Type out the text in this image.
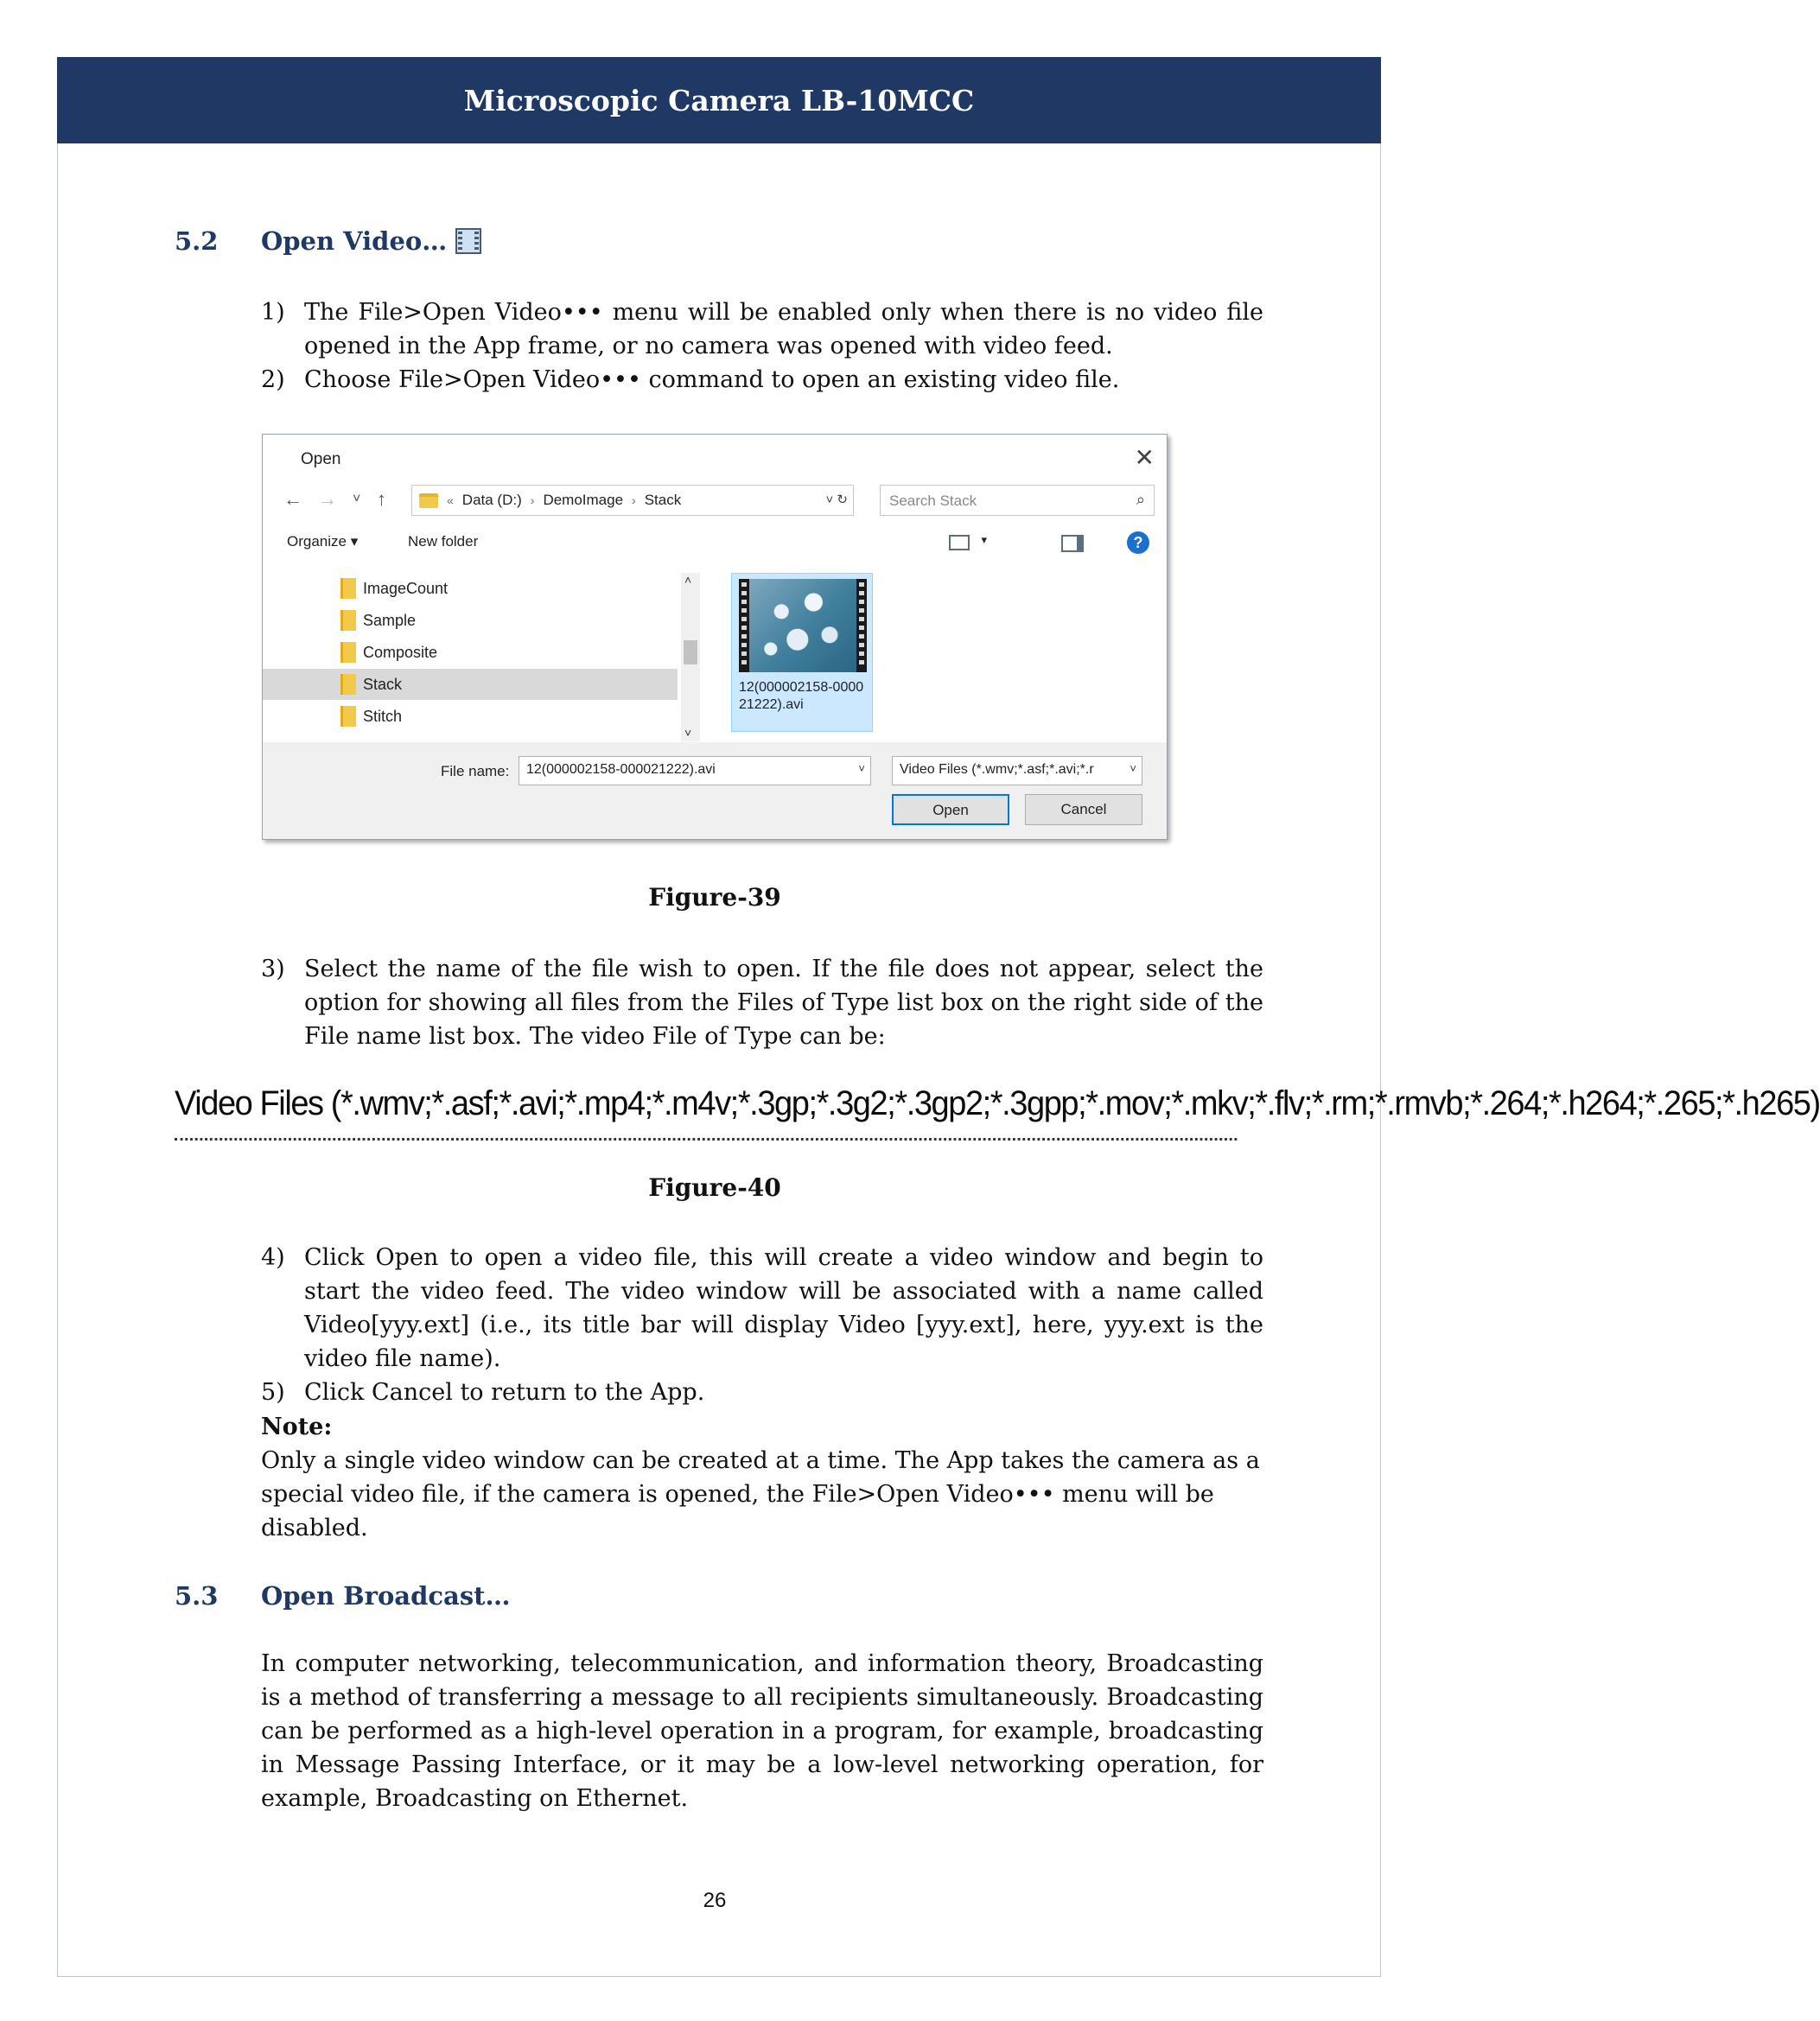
Microscopic Camera LB-10MCC
5.2	Open Video…
1) The File>Open Video••• menu will be enabled only when there is no video file opened in the App frame, or no camera was opened with video feed.
2) Choose File>Open Video••• command to open an existing video file.
Open	✕
← → ˅ ↑	« Data (D:) › DemoImage › Stack	˅ ↻	Search Stack	⌕
Organize ▾	New folder	▾	?
ImageCount
Sample
Composite
Stack
Stitch
˄
˅
12(000002158-000021222).avi
File name:	12(000002158-000021222).avi	˅	Video Files (*.wmv;*.asf;*.avi;*.r	˅
Open	Cancel
Figure-39
3) Select the name of the file wish to open. If the file does not appear, select the option for showing all files from the Files of Type list box on the right side of the File name list box. The video File of Type can be:
Video Files (*.wmv;*.asf;*.avi;*.mp4;*.m4v;*.3gp;*.3g2;*.3gp2;*.3gpp;*.mov;*.mkv;*.flv;*.rm;*.rmvb;*.264;*.h264;*.265;*.h265)
Figure-40
4) Click Open to open a video file, this will create a video window and begin to start the video feed. The video window will be associated with a name called Video[yyy.ext] (i.e., its title bar will display Video [yyy.ext], here, yyy.ext is the video file name).
5) Click Cancel to return to the App.
Note:
Only a single video window can be created at a time. The App takes the camera as a special video file, if the camera is opened, the File>Open Video••• menu will be disabled.
5.3	Open Broadcast…
In computer networking, telecommunication, and information theory, Broadcasting is a method of transferring a message to all recipients simultaneously. Broadcasting can be performed as a high-level operation in a program, for example, broadcasting in Message Passing Interface, or it may be a low-level networking operation, for example, Broadcasting on Ethernet.
26
